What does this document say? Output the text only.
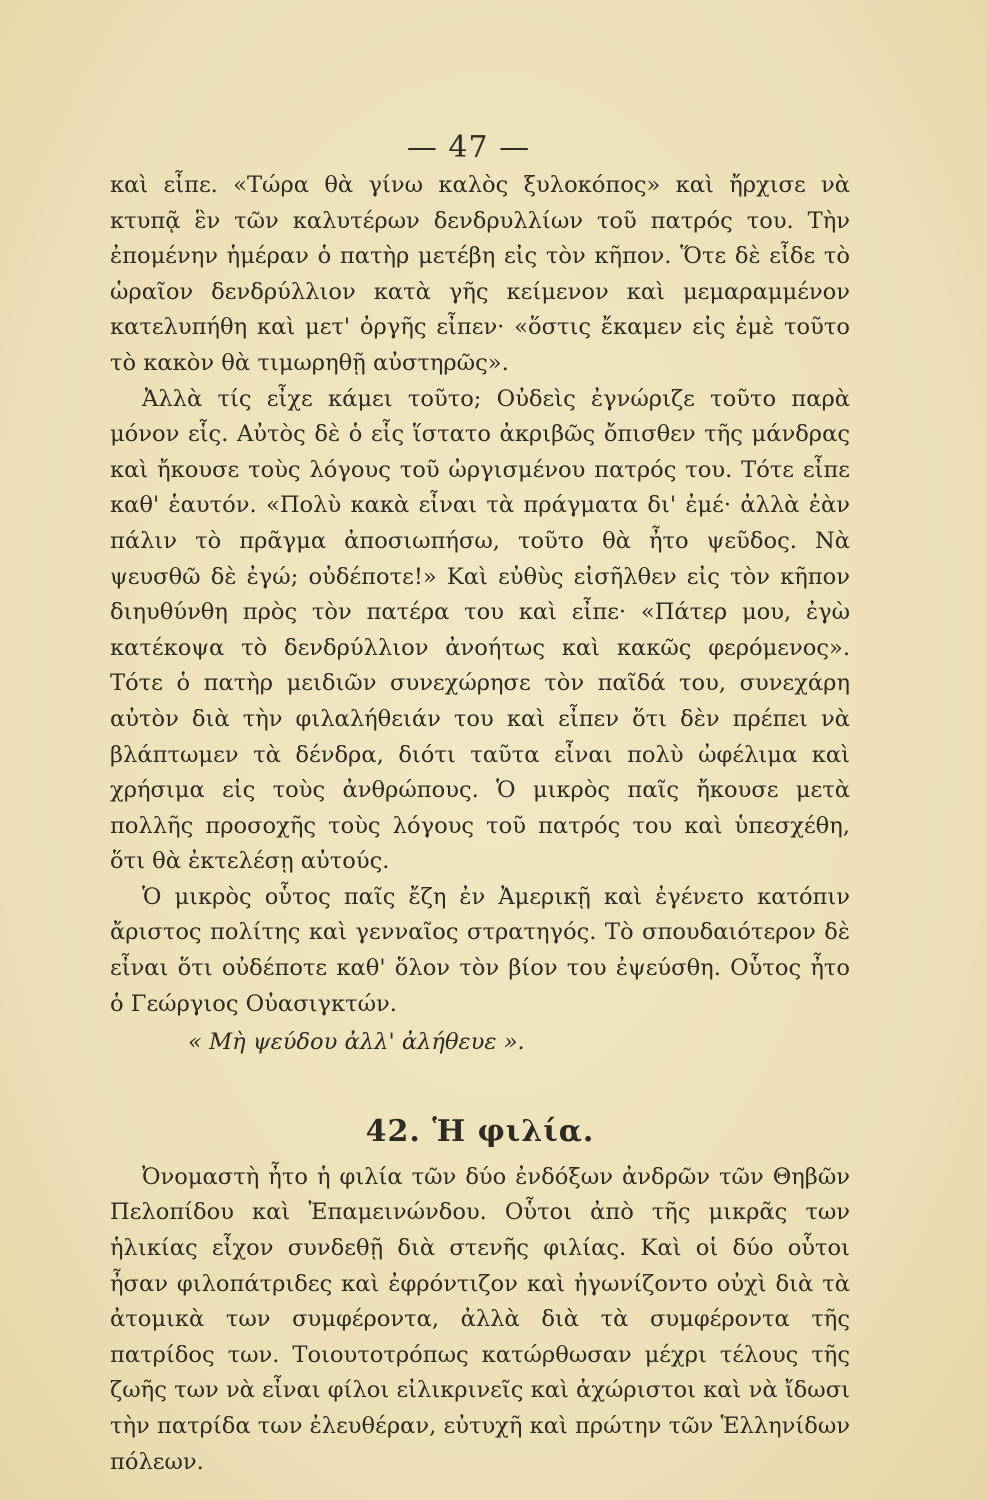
— 47 —

καὶ εἶπε. «Τώρα θὰ γίνω καλὸς ξυλοκόπος» καὶ ἤρχισε νὰ κτυπᾷ ἓν τῶν καλυτέρων δενδρυλλίων τοῦ πατρός του. Τὴν ἐπομένην ἡμέραν ὁ πατὴρ μετέβη εἰς τὸν κῆπον. Ὅτε δὲ εἶδε τὸ ὡραῖον δενδρύλλιον κατὰ γῆς κείμενον καὶ μεμαραμμένον κατελυπήθη καὶ μετ' ὀργῆς εἶπεν· «ὅστις ἔκαμεν εἰς ἐμὲ τοῦτο τὸ κακὸν θὰ τιμωρηθῇ αὐστηρῶς».

Ἀλλὰ τίς εἶχε κάμει τοῦτο; Οὐδεὶς ἐγνώριζε τοῦτο παρὰ μόνον εἷς. Αὐτὸς δὲ ὁ εἷς ἵστατο ἀκριβῶς ὄπισθεν τῆς μάνδρας καὶ ἤκουσε τοὺς λόγους τοῦ ὠργισμένου πατρός του. Τότε εἶπε καθ' ἑαυτόν. «Πολὺ κακὰ εἶναι τὰ πράγματα δι' ἐμέ· ἀλλὰ ἐὰν πάλιν τὸ πρᾶγμα ἀποσιωπήσω, τοῦτο θὰ ἦτο ψεῦδος. Νὰ ψευσθῶ δὲ ἐγώ; οὐδέποτε!» Καὶ εὐθὺς εἰσῆλθεν εἰς τὸν κῆπον διηυθύνθη πρὸς τὸν πατέρα του καὶ εἶπε· «Πάτερ μου, ἐγὼ κατέκοψα τὸ δενδρύλλιον ἀνοήτως καὶ κακῶς φερόμενος». Τότε ὁ πατὴρ μειδιῶν συνεχώρησε τὸν παῖδά του, συνεχάρη αὐτὸν διὰ τὴν φιλαλήθειάν του καὶ εἶπεν ὅτι δὲν πρέπει νὰ βλάπτωμεν τὰ δένδρα, διότι ταῦτα εἶναι πολὺ ὠφέλιμα καὶ χρήσιμα εἰς τοὺς ἀνθρώπους. Ὁ μικρὸς παῖς ἤκουσε μετὰ πολλῆς προσοχῆς τοὺς λόγους τοῦ πατρός του καὶ ὑπεσχέθη, ὅτι θὰ ἐκτελέσῃ αὐτούς.

Ὁ μικρὸς οὗτος παῖς ἔζη ἐν Ἀμερικῇ καὶ ἐγένετο κατόπιν ἄριστος πολίτης καὶ γενναῖος στρατηγός. Τὸ σπουδαιότερον δὲ εἶναι ὅτι οὐδέποτε καθ' ὅλον τὸν βίον του ἐψεύσθη. Οὗτος ἦτο ὁ Γεώργιος Οὐασιγκτών.

« Μὴ ψεύδου ἀλλ' ἀλήθευε ».

42. Ἡ φιλία.

Ὀνομαστὴ ἦτο ἡ φιλία τῶν δύο ἐνδόξων ἀνδρῶν τῶν Θηβῶν Πελοπίδου καὶ Ἐπαμεινώνδου. Οὗτοι ἀπὸ τῆς μικρᾶς των ἡλικίας εἶχον συνδεθῇ διὰ στενῆς φιλίας. Καὶ οἱ δύο οὗτοι ἦσαν φιλοπάτριδες καὶ ἐφρόντιζον καὶ ἠγωνίζοντο οὐχὶ διὰ τὰ ἀτομικὰ των συμφέροντα, ἀλλὰ διὰ τὰ συμφέροντα τῆς πατρίδος των. Τοιουτοτρόπως κατώρθωσαν μέχρι τέλους τῆς ζωῆς των νὰ εἶναι φίλοι εἰλικρινεῖς καὶ ἀχώριστοι καὶ νὰ ἴδωσι τὴν πατρίδα των ἐλευθέραν, εὐτυχῆ καὶ πρώτην τῶν Ἑλληνίδων πόλεων.
